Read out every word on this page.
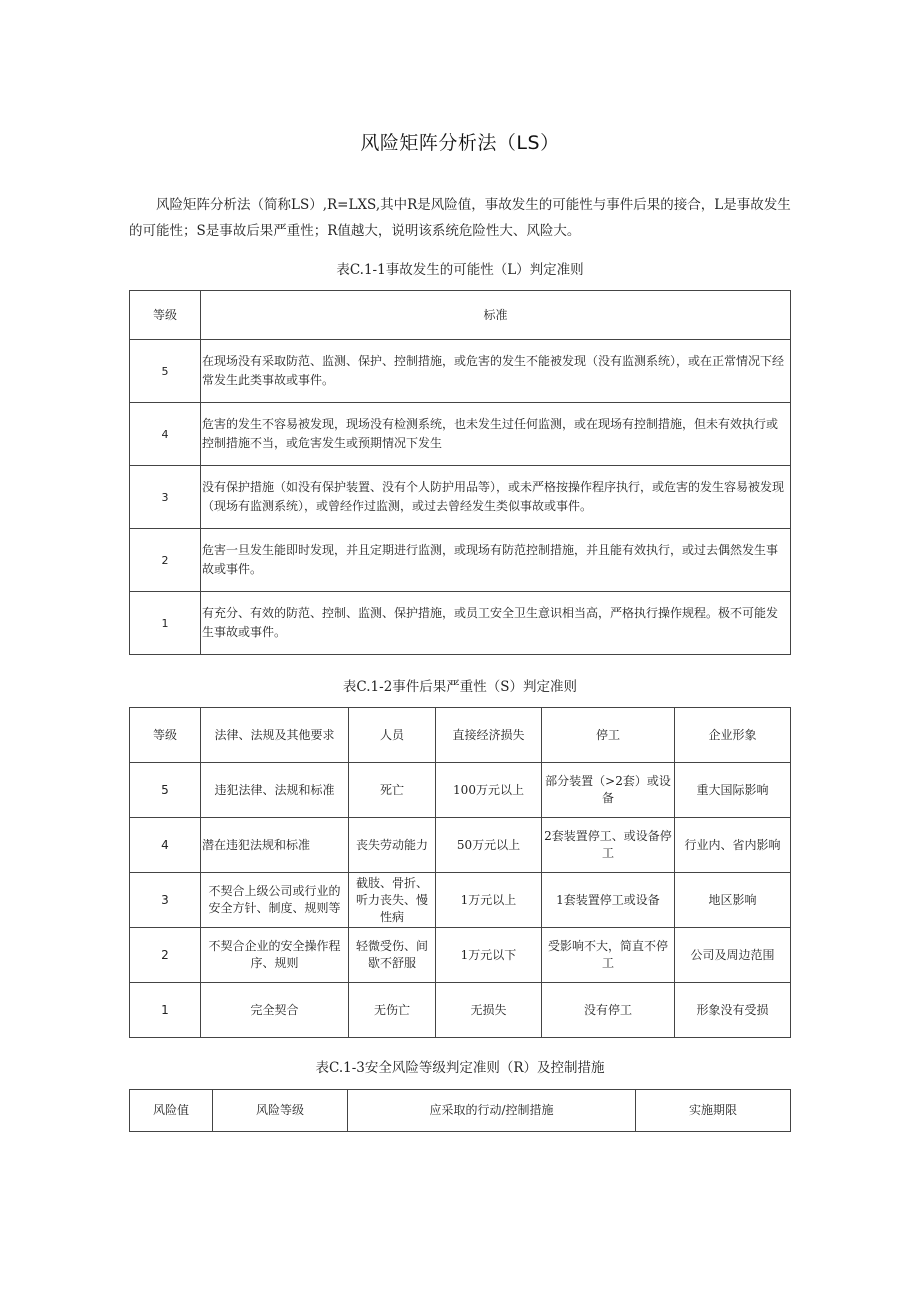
风险矩阵分析法（LS）

风险矩阵分析法（简称LS）,R=LXS,其中R是风险值，事故发生的可能性与事件后果的接合，L是事故发生的可能性；S是事故后果严重性；R值越大，说明该系统危险性大、风险大。

表C.1-1事故发生的可能性（L）判定准则
等级	标准
5	在现场没有采取防范、监测、保护、控制措施，或危害的发生不能被发现（没有监测系统），或在正常情况下经常发生此类事故或事件。
4	危害的发生不容易被发现，现场没有检测系统，也未发生过任何监测，或在现场有控制措施，但未有效执行或控制措施不当，或危害发生或预期情况下发生
3	没有保护措施（如没有保护装置、没有个人防护用品等），或未严格按操作程序执行，或危害的发生容易被发现（现场有监测系统），或曾经作过监测，或过去曾经发生类似事故或事件。
2	危害一旦发生能即时发现，并且定期进行监测，或现场有防范控制措施，并且能有效执行，或过去偶然发生事故或事件。
1	有充分、有效的防范、控制、监测、保护措施，或员工安全卫生意识相当高，严格执行操作规程。极不可能发生事故或事件。
表C.1-2事件后果严重性（S）判定准则
等级	法律、法规及其他要求	人员	直接经济损失	停工	企业形象
5	违犯法律、法规和标准	死亡	100万元以上	部分装置（>2套）或设备	重大国际影响
4	潜在违犯法规和标准	丧失劳动能力	50万元以上	2套装置停工、或设备停工	行业内、省内影响
3	不契合上级公司或行业的安全方针、制度、规则等	截肢、骨折、听力丧失、慢性病	1万元以上	1套装置停工或设备	地区影响
2	不契合企业的安全操作程序、规则	轻微受伤、间歇不舒服	1万元以下	受影响不大，简直不停工	公司及周边范围
1	完全契合	无伤亡	无损失	没有停工	形象没有受损
表C.1-3安全风险等级判定准则（R）及控制措施
风险值	风险等级	应采取的行动/控制措施	实施期限
